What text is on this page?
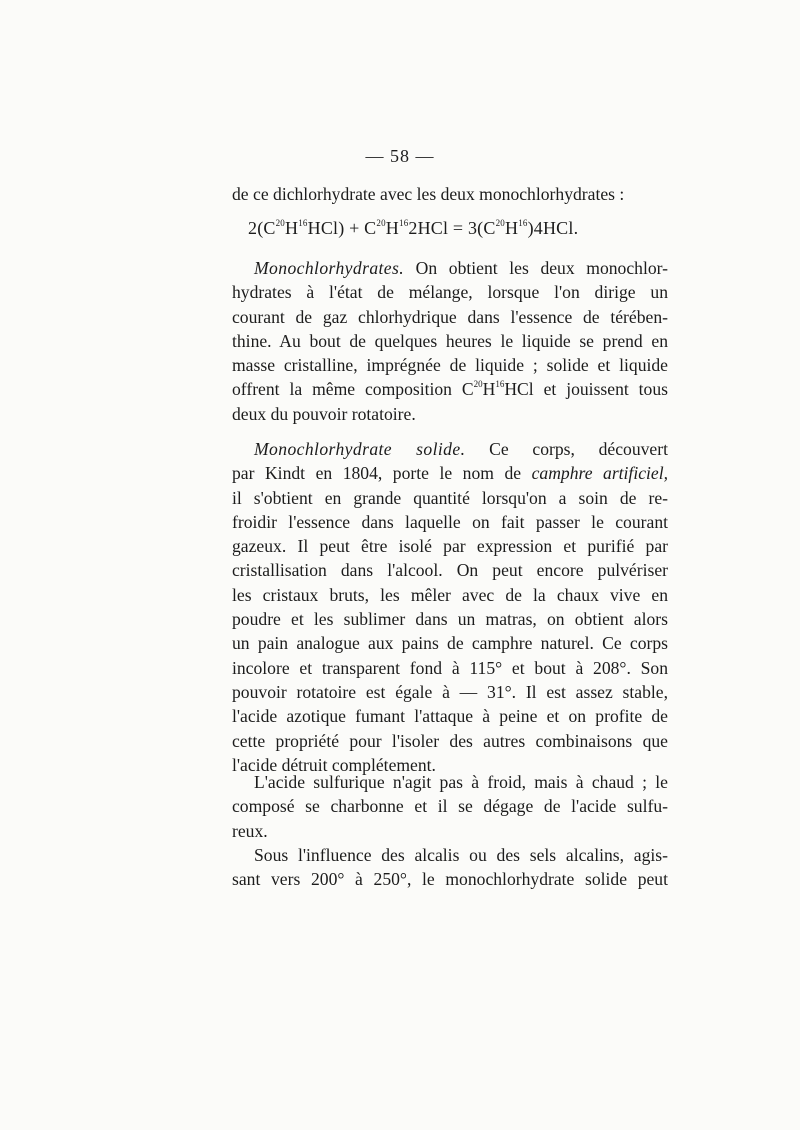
— 58 —
de ce dichlorhydrate avec les deux monochlorhydrates :
$2(C^{20}H^{16}HCl) + C^{20}H^{16}2HCl = 3(C^{20}H^{16})4HCl$.
Monochlorhydrates. On obtient les deux monochlor-
hydrates à l'état de mélange, lorsque l'on dirige un
courant de gaz chlorhydrique dans l'essence de térében-
thine. Au bout de quelques heures le liquide se prend en
masse cristalline, imprégnée de liquide ; solide et liquide
offrent la même composition $C^{20}H^{16}HCl$ et jouissent tous
deux du pouvoir rotatoire.
Monochlorhydrate solide. Ce corps, découvert
par Kindt en 1804, porte le nom de camphre artificiel,
il s'obtient en grande quantité lorsqu'on a soin de re-
froidir l'essence dans laquelle on fait passer le courant
gazeux. Il peut être isolé par expression et purifié par
cristallisation dans l'alcool. On peut encore pulvériser
les cristaux bruts, les mêler avec de la chaux vive en
poudre et les sublimer dans un matras, on obtient alors
un pain analogue aux pains de camphre naturel. Ce corps
incolore et transparent fond à 115° et bout à 208°. Son
pouvoir rotatoire est égale à — 31°. Il est assez stable,
l'acide azotique fumant l'attaque à peine et on profite de
cette propriété pour l'isoler des autres combinaisons que
l'acide détruit complétement.
L'acide sulfurique n'agit pas à froid, mais à chaud ; le
composé se charbonne et il se dégage de l'acide sulfu-
reux.
Sous l'influence des alcalis ou des sels alcalins, agis-
sant vers 200° à 250°, le monochlorhydrate solide peut
